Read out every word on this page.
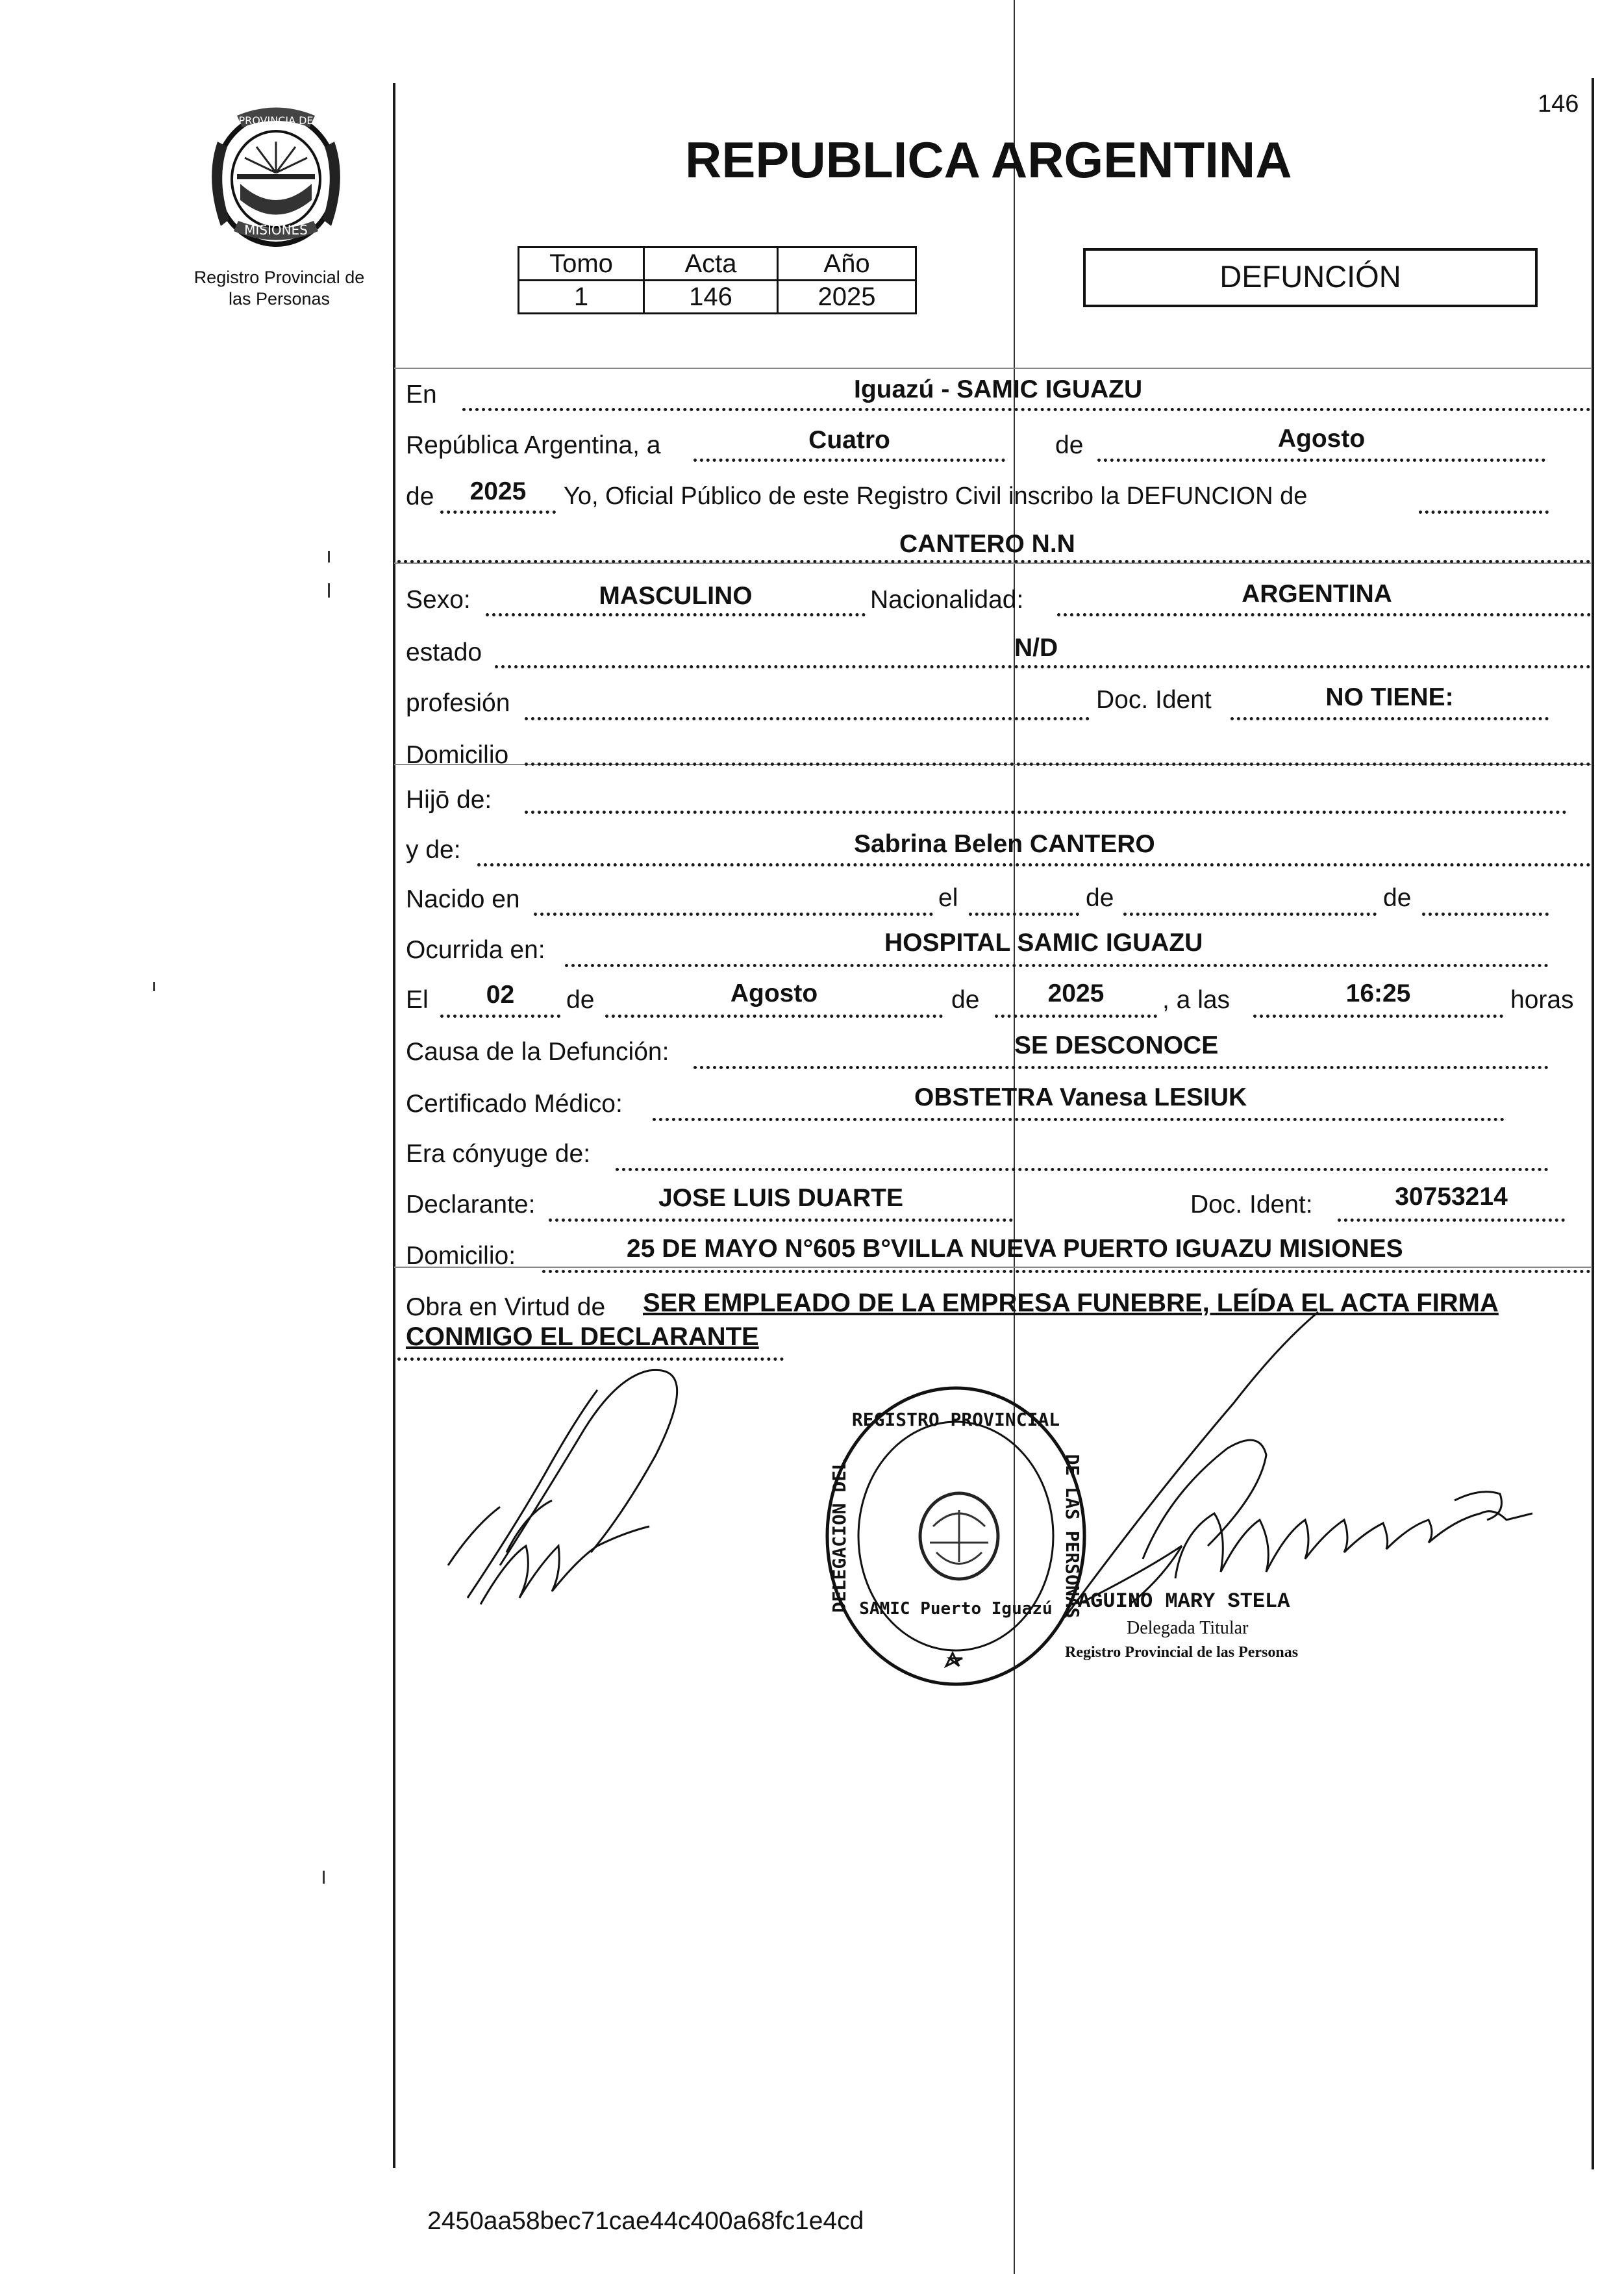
146
PROVINCIA DE
MISIONES
Registro Provincial de
las Personas
REPUBLICA ARGENTINA
Tomo	Acta	Año
1	146	2025
DEFUNCIÓN
En	Iguazú - SAMIC IGUAZU
República Argentina, a	Cuatro	de	Agosto
de	2025	Yo, Oficial Público de este Registro Civil inscribo la DEFUNCION de
CANTERO N.N
Sexo:	MASCULINO	Nacionalidad:	ARGENTINA
estado	N/D
profesión	Doc. Ident	NO TIENE:
Domicilio
Hijō de:
y de:	Sabrina Belen CANTERO
Nacido en	el	de	de
Ocurrida en:	HOSPITAL SAMIC IGUAZU
El	02	de	Agosto	de	2025	, a las	16:25	horas
Causa de la Defunción:	SE DESCONOCE
Certificado Médico:	OBSTETRA Vanesa LESIUK
Era cónyuge de:
Declarante:	JOSE LUIS DUARTE	Doc. Ident:	30753214
Domicilio:	25 DE MAYO N°605 B°VILLA NUEVA PUERTO IGUAZU MISIONES
Obra en Virtud de SER EMPLEADO DE LA EMPRESA FUNEBRE, LEÍDA EL ACTA FIRMA
CONMIGO EL DECLARANTE
DELEGACION DEL
REGISTRO PROVINCIAL
DE LAS PERSONAS
SAMIC Puerto Iguazú AGUINO MARY STELA
Delegada Titular
Registro Provincial de las Personas
2450aa58bec71cae44c400a68fc1e4cd
